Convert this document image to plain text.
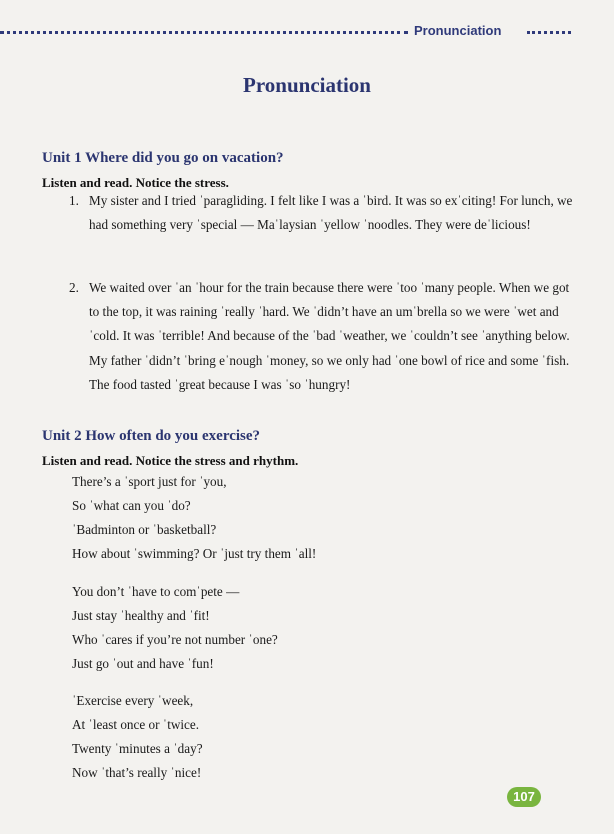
Pronunciation
Pronunciation
Unit 1 Where did you go on vacation?
Listen and read. Notice the stress.
1. My sister and I tried ˈparagliding. I felt like I was a ˈbird. It was so exˈciting! For lunch, we had something very ˈspecial — Maˈlaysian ˈyellow ˈnoodles. They were deˈlicious!
2. We waited over ˈan ˈhour for the train because there were ˈtoo ˈmany people. When we got to the top, it was raining ˈreally ˈhard. We ˈdidn’t have an umˈbrella so we were ˈwet and ˈcold. It was ˈterrible! And because of the ˈbad ˈweather, we ˈcouldn’t see ˈanything below. My father ˈdidn’t ˈbring eˈnough ˈmoney, so we only had ˈone bowl of rice and some ˈfish. The food tasted ˈgreat because I was ˈso ˈhungry!
Unit 2 How often do you exercise?
Listen and read. Notice the stress and rhythm.
There’s a ˈsport just for ˈyou,
So ˈwhat can you ˈdo?
ˈBadminton or ˈbasketball?
How about ˈswimming? Or ˈjust try them ˈall!
You don’t ˈhave to comˈpete —
Just stay ˈhealthy and ˈfit!
Who ˈcares if you’re not number ˈone?
Just go ˈout and have ˈfun!
ˈExercise every ˈweek,
At ˈleast once or ˈtwice.
Twenty ˈminutes a ˈday?
Now ˈthat’s really ˈnice!
107
